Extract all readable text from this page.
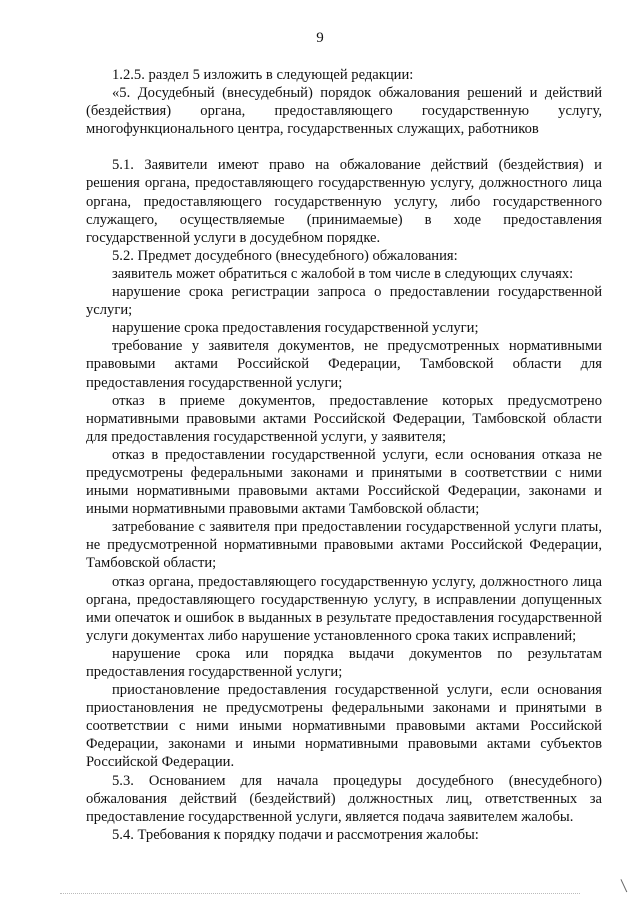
9

1.2.5. раздел 5 изложить в следующей редакции:

«5. Досудебный (внесудебный) порядок обжалования решений и действий (бездействия) органа, предоставляющего государственную услугу, многофункционального центра, государственных служащих, работников

5.1. Заявители имеют право на обжалование действий (бездействия) и решения органа, предоставляющего государственную услугу, должностного лица органа, предоставляющего государственную услугу, либо государственного служащего, осуществляемые (принимаемые) в ходе предоставления государственной услуги в досудебном порядке.

5.2. Предмет досудебного (внесудебного) обжалования:

заявитель может обратиться с жалобой в том числе в следующих случаях:

нарушение срока регистрации запроса о предоставлении государственной услуги;

нарушение срока предоставления государственной услуги;

требование у заявителя документов, не предусмотренных нормативными правовыми актами Российской Федерации, Тамбовской области для предоставления государственной услуги;

отказ в приеме документов, предоставление которых предусмотрено нормативными правовыми актами Российской Федерации, Тамбовской области для предоставления государственной услуги, у заявителя;

отказ в предоставлении государственной услуги, если основания отказа не предусмотрены федеральными законами и принятыми в соответствии с ними иными нормативными правовыми актами Российской Федерации, законами и иными нормативными правовыми актами Тамбовской области;

затребование с заявителя при предоставлении государственной услуги платы, не предусмотренной нормативными правовыми актами Российской Федерации, Тамбовской области;

отказ органа, предоставляющего государственную услугу, должностного лица органа, предоставляющего государственную услугу, в исправлении допущенных ими опечаток и ошибок в выданных в результате предоставления государственной услуги документах либо нарушение установленного срока таких исправлений;

нарушение срока или порядка выдачи документов по результатам предоставления государственной услуги;

приостановление предоставления государственной услуги, если основания приостановления не предусмотрены федеральными законами и принятыми в соответствии с ними иными нормативными правовыми актами Российской Федерации, законами и иными нормативными правовыми актами субъектов Российской Федерации.

5.3. Основанием для начала процедуры досудебного (внесудебного) обжалования действий (бездействий) должностных лиц, ответственных за предоставление государственной услуги, является подача заявителем жалобы.

5.4. Требования к порядку подачи и рассмотрения жалобы:
